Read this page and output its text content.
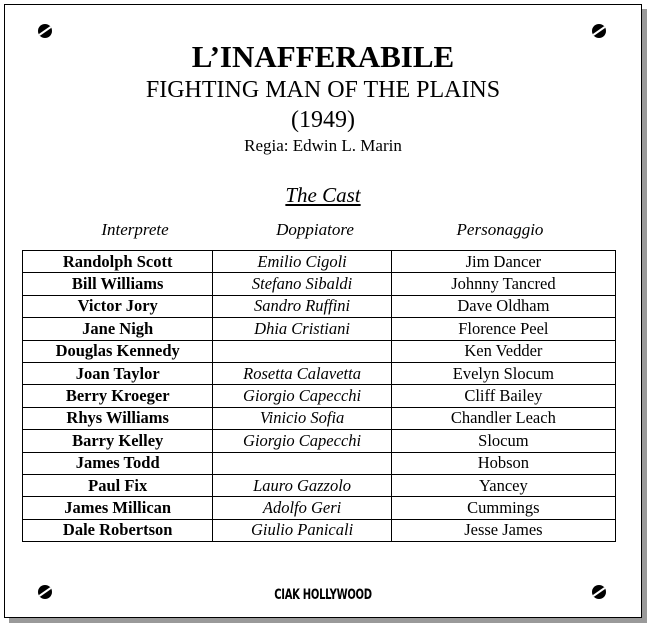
L’INAFFERABILE
FIGHTING MAN OF THE PLAINS
(1949)
Regia: Edwin L. Marin
The Cast
Interprete	Doppiatore	Personaggio
Randolph Scott	Emilio Cigoli	Jim Dancer
Bill Williams	Stefano Sibaldi	Johnny Tancred
Victor Jory	Sandro Ruffini	Dave Oldham
Jane Nigh	Dhia Cristiani	Florence Peel
Douglas Kennedy		Ken Vedder
Joan Taylor	Rosetta Calavetta	Evelyn Slocum
Berry Kroeger	Giorgio Capecchi	Cliff Bailey
Rhys Williams	Vinicio Sofia	Chandler Leach
Barry Kelley	Giorgio Capecchi	Slocum
James Todd		Hobson
Paul Fix	Lauro Gazzolo	Yancey
James Millican	Adolfo Geri	Cummings
Dale Robertson	Giulio Panicali	Jesse James
CIAK HOLLYWOOD
